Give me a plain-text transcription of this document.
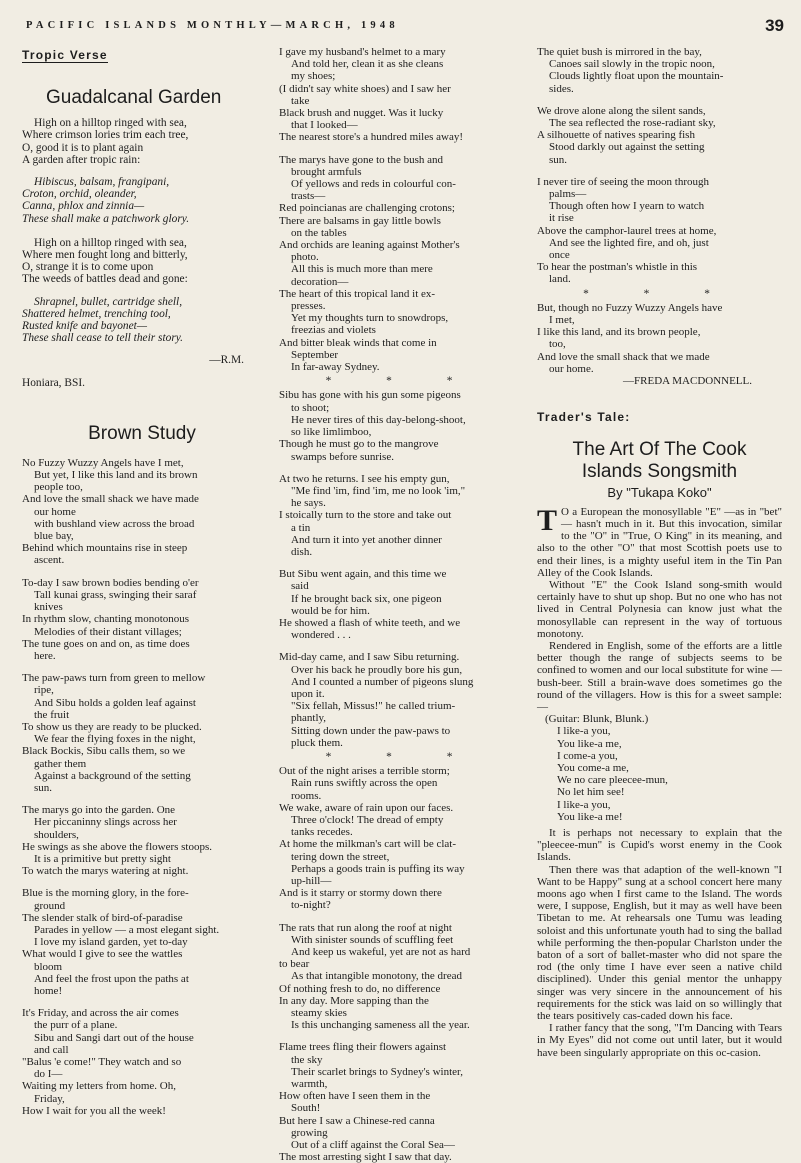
PACIFIC ISLANDS MONTHLY—MARCH, 1948	39
Tropic Verse
Guadalcanal Garden
High on a hilltop ringed with sea,
Where crimson lories trim each tree,
O, good it is to plant again
A garden after tropic rain:
Hibiscus, balsam, frangipani,
Croton, orchid, oleander,
Canna, phlox and zinnia—
These shall make a patchwork glory.
High on a hilltop ringed with sea,
Where men fought long and bitterly,
O, strange it is to come upon
The weeds of battles dead and gone:
Shrapnel, bullet, cartridge shell,
Shattered helmet, trenching tool,
Rusted knife and bayonet—
These shall cease to tell their story.
—R.M.
Honiara, BSI.
Brown Study
No Fuzzy Wuzzy Angels have I met,
But yet, I like this land and its brown
people too,
And love the small shack we have made
our home
with bushland view across the broad
blue bay,
Behind which mountains rise in steep
ascent.
To-day I saw brown bodies bending o'er
Tall kunai grass, swinging their saraf
knives
In rhythm slow, chanting monotonous
Melodies of their distant villages;
The tune goes on and on, as time does
here.
The paw-paws turn from green to mellow
ripe,
And Sibu holds a golden leaf against
the fruit
To show us they are ready to be plucked.
We fear the flying foxes in the night,
Black Bockis, Sibu calls them, so we
gather them
Against a background of the setting
sun.
The marys go into the garden. One
Her piccaninny slings across her
shoulders,
He swings as she above the flowers stoops.
It is a primitive but pretty sight
To watch the marys watering at night.
Blue is the morning glory, in the fore-
ground
The slender stalk of bird-of-paradise
Parades in yellow — a most elegant sight.
I love my island garden, yet to-day
What would I give to see the wattles
bloom
And feel the frost upon the paths at
home!
It's Friday, and across the air comes
the purr of a plane.
Sibu and Sangi dart out of the house
and call
"Balus 'e come!" They watch and so
do I—
Waiting my letters from home. Oh,
Friday,
How I wait for you all the week!
I gave my husband's helmet to a mary
And told her, clean it as she cleans
my shoes;
(I didn't say white shoes) and I saw her
take
Black brush and nugget. Was it lucky
that I looked—
The nearest store's a hundred miles away!
The marys have gone to the bush and
brought armfuls
Of yellows and reds in colourful con-
trasts—
Red poincianas are challenging crotons;
There are balsams in gay little bowls
on the tables
And orchids are leaning against Mother's
photo.
All this is much more than mere
decoration—
The heart of this tropical land it ex-
presses.
Yet my thoughts turn to snowdrops,
freezias and violets
And bitter bleak winds that come in
September
In far-away Sydney.
* * *
Sibu has gone with his gun some pigeons
to shoot;
He never tires of this day-belong-shoot,
so like limlimboo,
Though he must go to the mangrove
swamps before sunrise.
At two he returns. I see his empty gun,
"Me find 'im, find 'im, me no look 'im,"
he says.
I stoically turn to the store and take out
a tin
And turn it into yet another dinner
dish.
But Sibu went again, and this time we
said
If he brought back six, one pigeon
would be for him.
He showed a flash of white teeth, and we
wondered . . .
Mid-day came, and I saw Sibu returning.
Over his back he proudly bore his gun,
And I counted a number of pigeons slung
upon it.
"Six fellah, Missus!" he called trium-
phantly,
Sitting down under the paw-paws to
pluck them.
* * *
Out of the night arises a terrible storm;
Rain runs swiftly across the open
rooms.
We wake, aware of rain upon our faces.
Three o'clock! The dread of empty
tanks recedes.
At home the milkman's cart will be clat-
tering down the street,
Perhaps a goods train is puffing its way
up-hill—
And is it starry or stormy down there
to-night?
The rats that run along the roof at night
With sinister sounds of scuffling feet
And keep us wakeful, yet are not as hard
to bear
As that intangible monotony, the dread
Of nothing fresh to do, no difference
In any day. More sapping than the
steamy skies
Is this unchanging sameness all the year.
Flame trees fling their flowers against
the sky
Their scarlet brings to Sydney's winter,
warmth,
How often have I seen them in the
South!
But here I saw a Chinese-red canna
growing
Out of a cliff against the Coral Sea—
The most arresting sight I saw that day.
The quiet bush is mirrored in the bay,
Canoes sail slowly in the tropic noon,
Clouds lightly float upon the mountain-
sides.
We drove alone along the silent sands,
The sea reflected the rose-radiant sky,
A silhouette of natives spearing fish
Stood darkly out against the setting
sun.
I never tire of seeing the moon through
palms—
Though often how I yearn to watch
it rise
Above the camphor-laurel trees at home,
And see the lighted fire, and oh, just
once
To hear the postman's whistle in this
land.
* * *
But, though no Fuzzy Wuzzy Angels have
I met,
I like this land, and its brown people,
too,
And love the small shack that we made
our home.
—FREDA MACDONNELL.
Trader's Tale:
The Art Of The Cook Islands Songsmith
By "Tukapa Koko"
T O a European the monosyllable "E" —as in "bet" — hasn't much in it. But this invocation, similar to the "O" in "True, O King" in its meaning, and also to the other "O" that most Scottish poets use to end their lines, is a mighty useful item in the Tin Pan Alley of the Cook Islands.

Without "E" the Cook Island song-smith would certainly have to shut up shop. But no one who has not lived in Central Polynesia can know just what the monosyllable can represent in the way of tortuous monotony.

Rendered in English, some of the efforts are a little better though the range of subjects seems to be confined to women and our local substitute for wine — bush-beer. Still a brain-wave does sometimes go the round of the villagers. How is this for a sweet sample:—

(Guitar: Blunk, Blunk.)
I like-a you,
You like-a me,
I come-a you,
You come-a me,
We no care pleecee-mun,
No let him see!
I like-a you,
You like-a me!

It is perhaps not necessary to explain that the "pleecee-mun" is Cupid's worst enemy in the Cook Islands.

Then there was that adaption of the well-known "I Want to be Happy" sung at a school concert here many moons ago when I first came to the Island. The words were, I suppose, English, but it may as well have been Tibetan to me. At rehearsals one Tumu was leading soloist and this unfortunate youth had to sing the ballad while performing the then-popular Charlston under the baton of a sort of ballet-master who did not spare the rod (the only time I have ever seen a native child disciplined). Under this genial mentor the unhappy singer was very sincere in the announcement of his requirements for the stick was laid on so willingly that the tears positively cas-caded down his face.

I rather fancy that the song, "I'm Dancing with Tears in My Eyes" did not come out until later, but it would have been singularly appropriate on this oc-casion.
